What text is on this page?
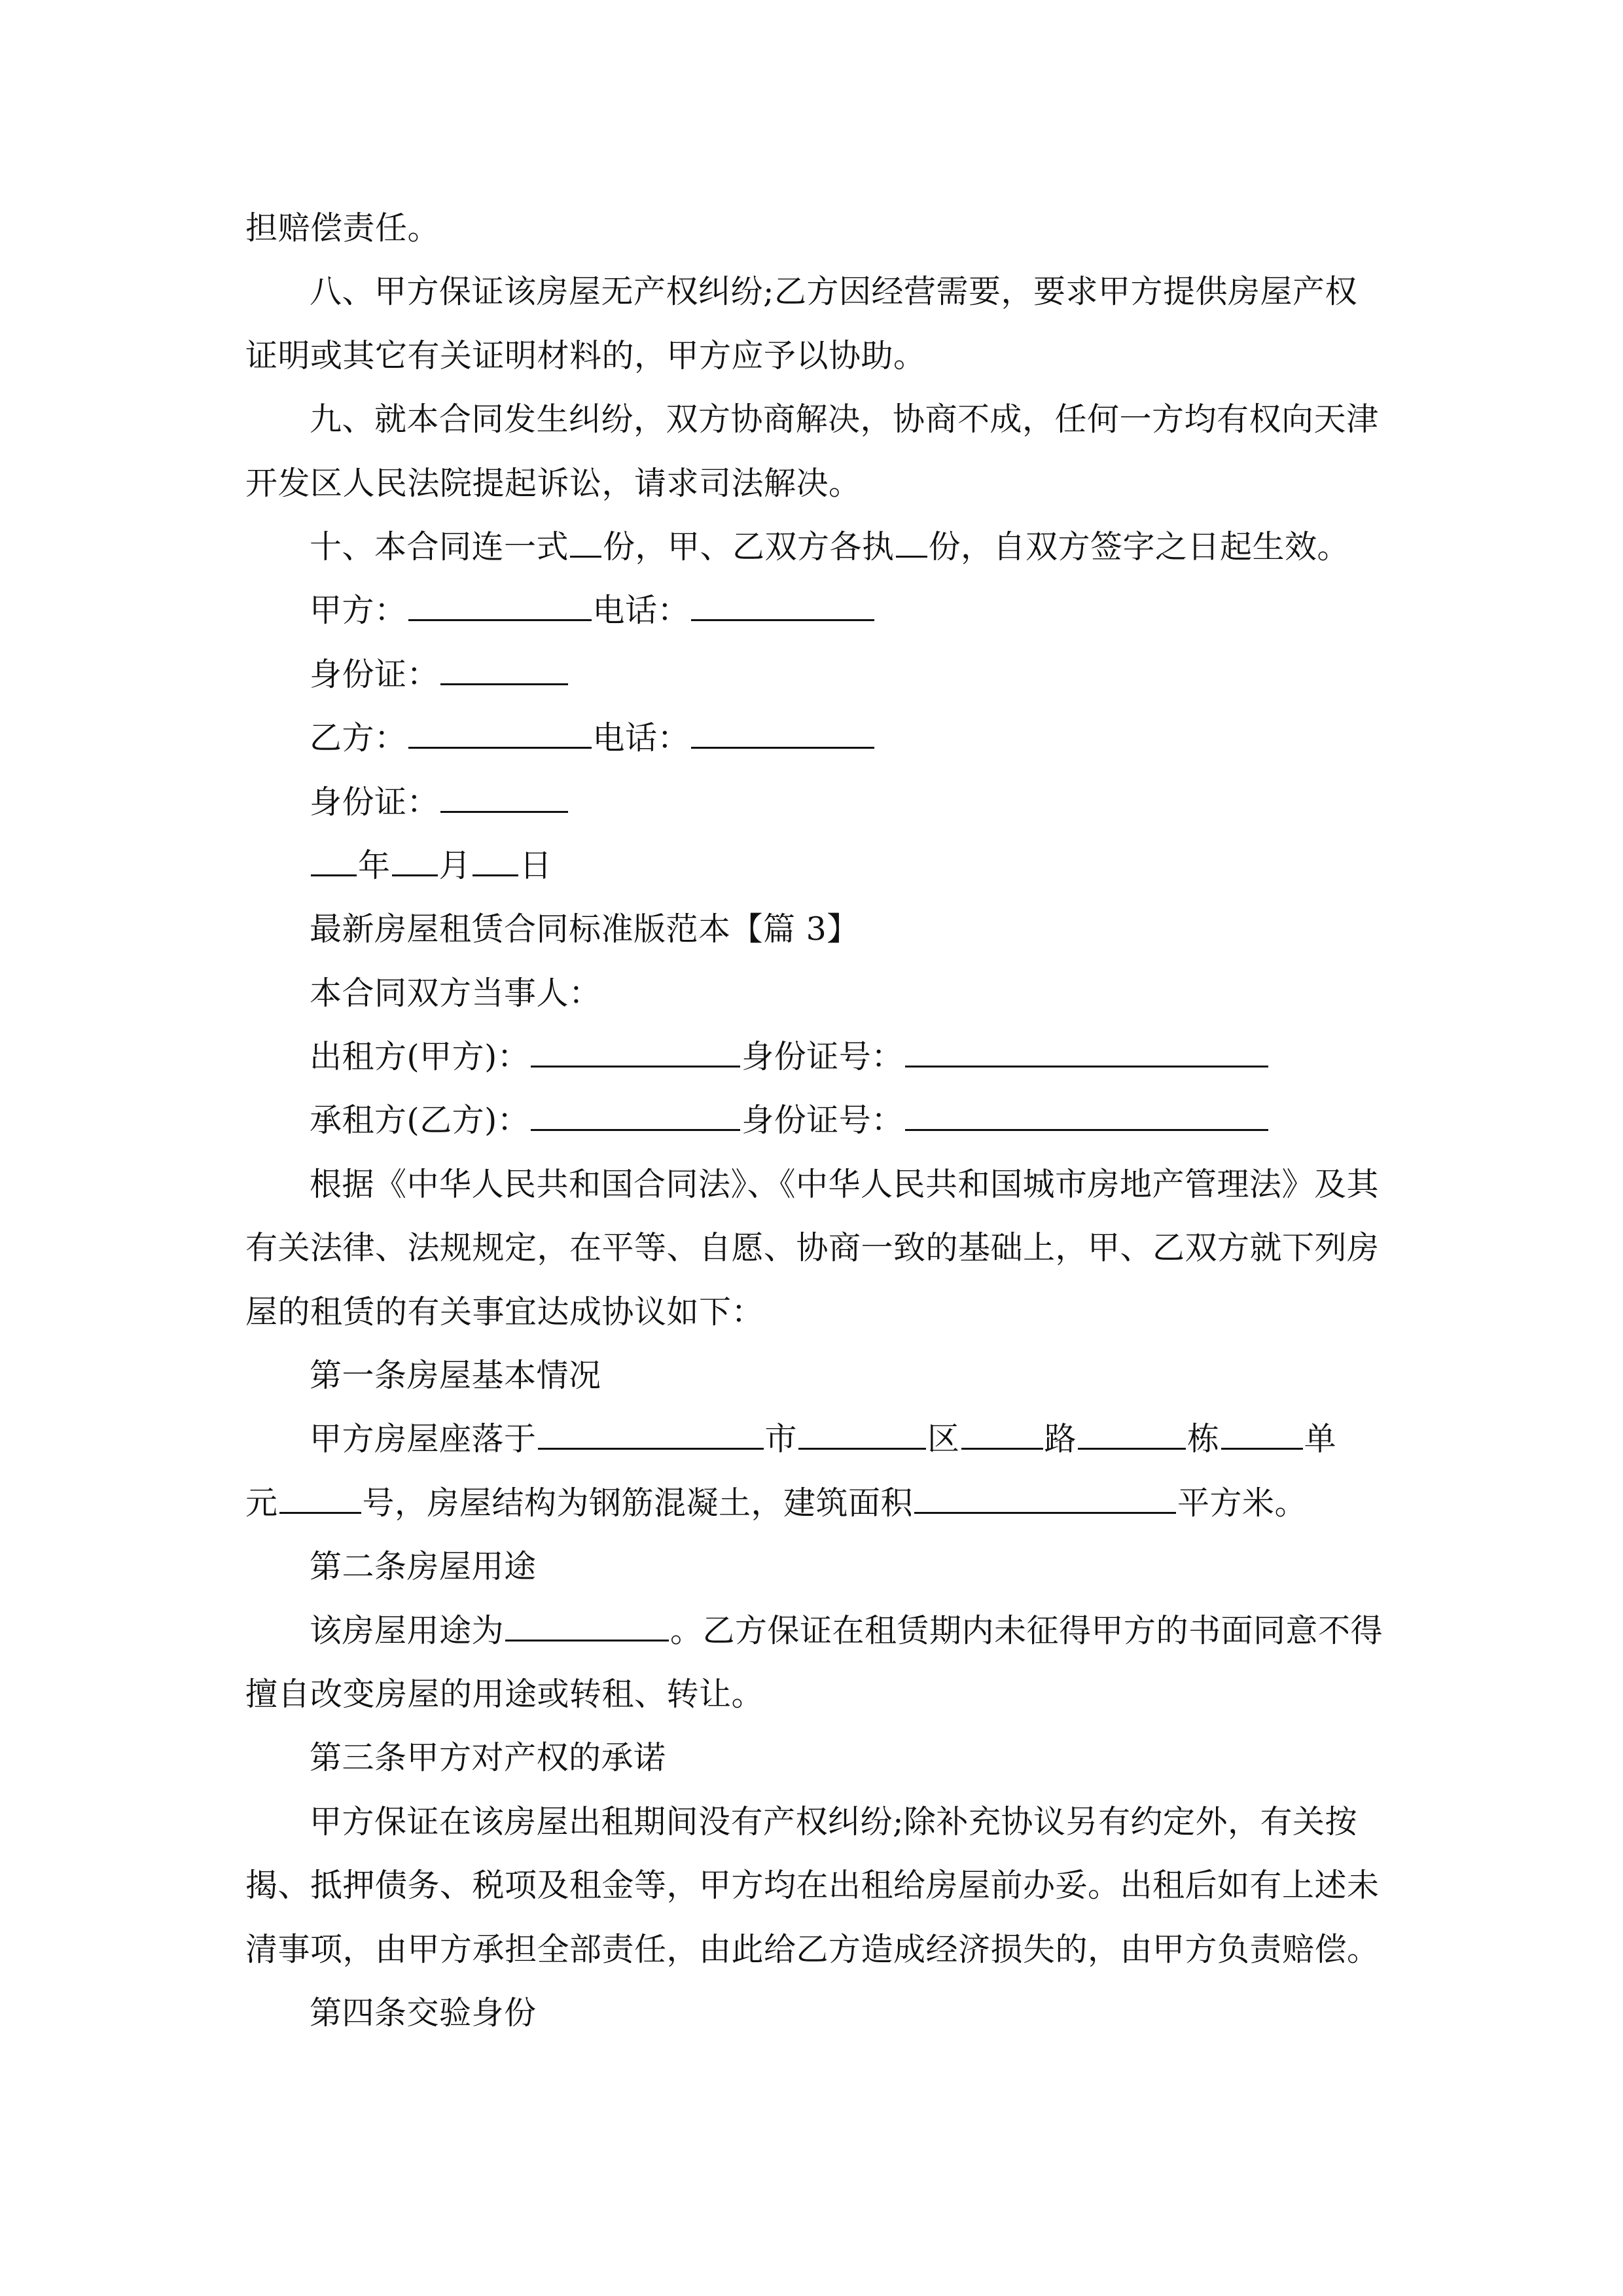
担赔偿责任。
八、甲方保证该房屋无产权纠纷;乙方因经营需要，要求甲方提供房屋产权
证明或其它有关证明材料的，甲方应予以协助。
九、就本合同发生纠纷，双方协商解决，协商不成，任何一方均有权向天津
开发区人民法院提起诉讼，请求司法解决。
十、本合同连一式 份，甲、乙双方各执 份，自双方签字之日起生效。
甲方：	电话：
身份证：
乙方：	电话：
身份证：
年 月 日
最新房屋租赁合同标准版范本【篇 3】
本合同双方当事人：
出租方(甲方)：	身份证号：
承租方(乙方)：	身份证号：
根据《中华人民共和国合同法》、《中华人民共和国城市房地产管理法》及其
有关法律、法规规定，在平等、自愿、协商一致的基础上，甲、乙双方就下列房
屋的租赁的有关事宜达成协议如下：
第一条房屋基本情况
甲方房屋座落于	市	区	路	栋	单
元	号，房屋结构为钢筋混凝土，建筑面积	平方米。
第二条房屋用途
该房屋用途为	。乙方保证在租赁期内未征得甲方的书面同意不得
擅自改变房屋的用途或转租、转让。
第三条甲方对产权的承诺
甲方保证在该房屋出租期间没有产权纠纷;除补充协议另有约定外，有关按
揭、抵押债务、税项及租金等，甲方均在出租给房屋前办妥。出租后如有上述未
清事项，由甲方承担全部责任，由此给乙方造成经济损失的，由甲方负责赔偿。
第四条交验身份
